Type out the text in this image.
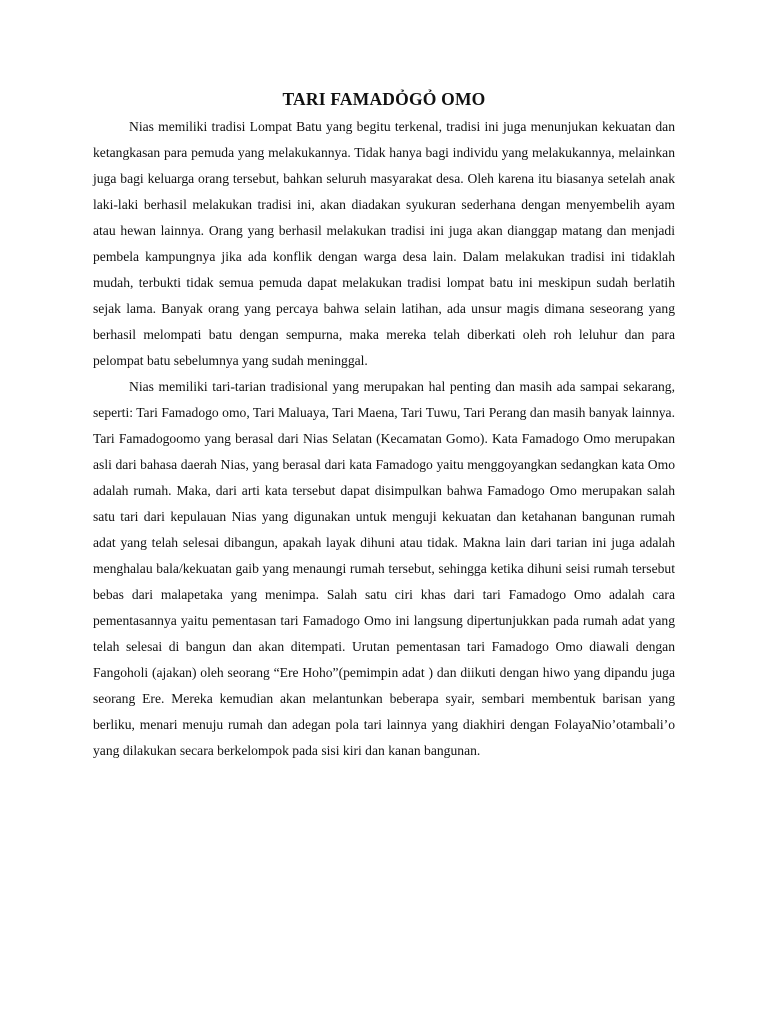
TARI FAMADỎGỎ OMO

Nias memiliki tradisi Lompat Batu yang begitu terkenal, tradisi ini juga menunjukan kekuatan dan ketangkasan para pemuda yang melakukannya. Tidak hanya bagi individu yang melakukannya, melainkan juga bagi keluarga orang tersebut, bahkan seluruh masyarakat desa. Oleh karena itu biasanya setelah anak laki-laki berhasil melakukan tradisi ini, akan diadakan syukuran sederhana dengan menyembelih ayam atau hewan lainnya. Orang yang berhasil melakukan tradisi ini juga akan dianggap matang dan menjadi pembela kampungnya jika ada konflik dengan warga desa lain. Dalam melakukan tradisi ini tidaklah mudah, terbukti tidak semua pemuda dapat melakukan tradisi lompat batu ini meskipun sudah berlatih sejak lama. Banyak orang yang percaya bahwa selain latihan, ada unsur magis dimana seseorang yang berhasil melompati batu dengan sempurna, maka mereka telah diberkati oleh roh leluhur dan para pelompat batu sebelumnya yang sudah meninggal.

Nias memiliki tari-tarian tradisional yang merupakan hal penting dan masih ada sampai sekarang, seperti: Tari Famadogo omo, Tari Maluaya, Tari Maena, Tari Tuwu, Tari Perang dan masih banyak lainnya. Tari Famadogoomo yang berasal dari Nias Selatan (Kecamatan Gomo). Kata Famadogo Omo merupakan asli dari bahasa daerah Nias, yang berasal dari kata Famadogo yaitu menggoyangkan sedangkan kata Omo adalah rumah. Maka, dari arti kata tersebut dapat disimpulkan bahwa Famadogo Omo merupakan salah satu tari dari kepulauan Nias yang digunakan untuk menguji kekuatan dan ketahanan bangunan rumah adat yang telah selesai dibangun, apakah layak dihuni atau tidak. Makna lain dari tarian ini juga adalah menghalau bala/kekuatan gaib yang menaungi rumah tersebut, sehingga ketika dihuni seisi rumah tersebut bebas dari malapetaka yang menimpa. Salah satu ciri khas dari tari Famadogo Omo adalah cara pementasannya yaitu pementasan tari Famadogo Omo ini langsung dipertunjukkan pada rumah adat yang telah selesai di bangun dan akan ditempati. Urutan pementasan tari Famadogo Omo diawali dengan Fangoholi (ajakan) oleh seorang “Ere Hoho”(pemimpin adat ) dan diikuti dengan hiwo yang dipandu juga seorang Ere. Mereka kemudian akan melantunkan beberapa syair, sembari membentuk barisan yang berliku, menari menuju rumah dan adegan pola tari lainnya yang diakhiri dengan FolayaNio’otambali’o yang dilakukan secara berkelompok pada sisi kiri dan kanan bangunan.
